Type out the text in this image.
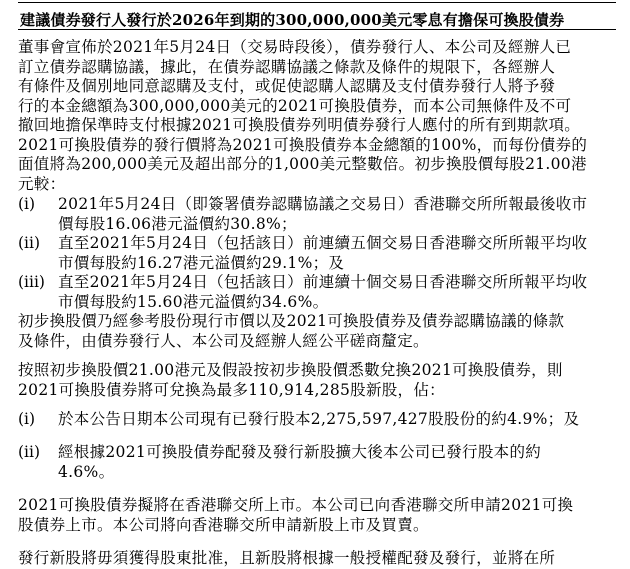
建議債券發行人發行於2026年到期的300,000,000美元零息有擔保可換股債券
董事會宣佈於2021年5月24日（交易時段後），債券發行人、本公司及經辦人已
訂立債券認購協議，據此，在債券認購協議之條款及條件的規限下，各經辦人
有條件及個別地同意認購及支付，或促使認購人認購及支付債券發行人將予發
行的本金總額為300,000,000美元的2021可換股債券，而本公司無條件及不可
撤回地擔保準時支付根據2021可換股債券列明債券發行人應付的所有到期款項。
2021可換股債券的發行價將為2021可換股債券本金總額的100%，而每份債券的
面值將為200,000美元及超出部分的1,000美元整數倍。初步換股價每股21.00港
元較：
(i) 2021年5月24日（即簽署債券認購協議之交易日）香港聯交所所報最後收市
價每股16.06港元溢價約30.8%；
(ii) 直至2021年5月24日（包括該日）前連續五個交易日香港聯交所所報平均收
市價每股約16.27港元溢價約29.1%；及
(iii) 直至2021年5月24日（包括該日）前連續十個交易日香港聯交所所報平均收
市價每股約15.60港元溢價約34.6%。
初步換股價乃經參考股份現行市價以及2021可換股債券及債券認購協議的條款
及條件，由債券發行人、本公司及經辦人經公平磋商釐定。
按照初步換股價21.00港元及假設按初步換股價悉數兌換2021可換股債券，則
2021可換股債券將可兌換為最多110,914,285股新股，佔：
(i) 於本公告日期本公司現有已發行股本2,275,597,427股股份的約4.9%；及
(ii) 經根據2021可換股債券配發及發行新股擴大後本公司已發行股本的約
4.6%。
2021可換股債券擬將在香港聯交所上市。本公司已向香港聯交所申請2021可換
股債券上市。本公司將向香港聯交所申請新股上市及買賣。
發行新股將毋須獲得股東批准，且新股將根據一般授權配發及發行，並將在所
